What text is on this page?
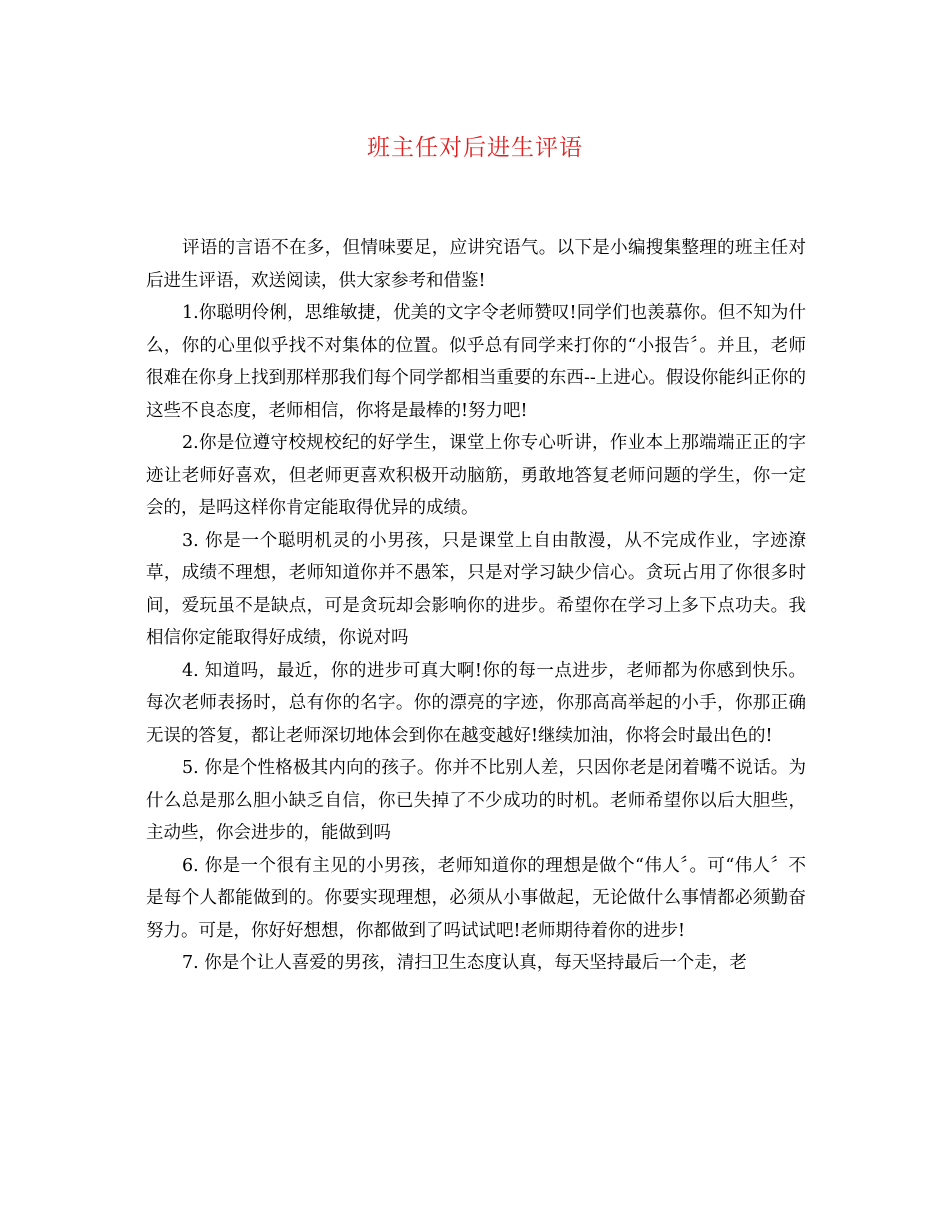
班主任对后进生评语

评语的言语不在多，但情味要足，应讲究语气。以下是小编搜集整理的班主任对后进生评语，欢送阅读，供大家参考和借鉴!

1.你聪明伶俐，思维敏捷，优美的文字令老师赞叹!同学们也羡慕你。但不知为什么，你的心里似乎找不对集体的位置。似乎总有同学来打你的“小报告〞。并且，老师很难在你身上找到那样那我们每个同学都相当重要的东西--上进心。假设你能纠正你的这些不良态度，老师相信，你将是最棒的!努力吧!

2.你是位遵守校规校纪的好学生，课堂上你专心听讲，作业本上那端端正正的字迹让老师好喜欢，但老师更喜欢积极开动脑筋，勇敢地答复老师问题的学生，你一定会的，是吗这样你肯定能取得优异的成绩。

3. 你是一个聪明机灵的小男孩，只是课堂上自由散漫，从不完成作业，字迹潦草，成绩不理想，老师知道你并不愚笨，只是对学习缺少信心。贪玩占用了你很多时间，爱玩虽不是缺点，可是贪玩却会影响你的进步。希望你在学习上多下点功夫。我相信你定能取得好成绩，你说对吗

4. 知道吗，最近，你的进步可真大啊!你的每一点进步，老师都为你感到快乐。每次老师表扬时，总有你的名字。你的漂亮的字迹，你那高高举起的小手，你那正确无误的答复，都让老师深切地体会到你在越变越好!继续加油，你将会时最出色的!

5. 你是个性格极其内向的孩子。你并不比别人差，只因你老是闭着嘴不说话。为什么总是那么胆小缺乏自信，你已失掉了不少成功的时机。老师希望你以后大胆些，主动些，你会进步的，能做到吗

6. 你是一个很有主见的小男孩，老师知道你的理想是做个“伟人〞。可“伟人〞不是每个人都能做到的。你要实现理想，必须从小事做起，无论做什么事情都必须勤奋努力。可是，你好好想想，你都做到了吗试试吧!老师期待着你的进步!

7. 你是个让人喜爱的男孩，清扫卫生态度认真，每天坚持最后一个走，老
